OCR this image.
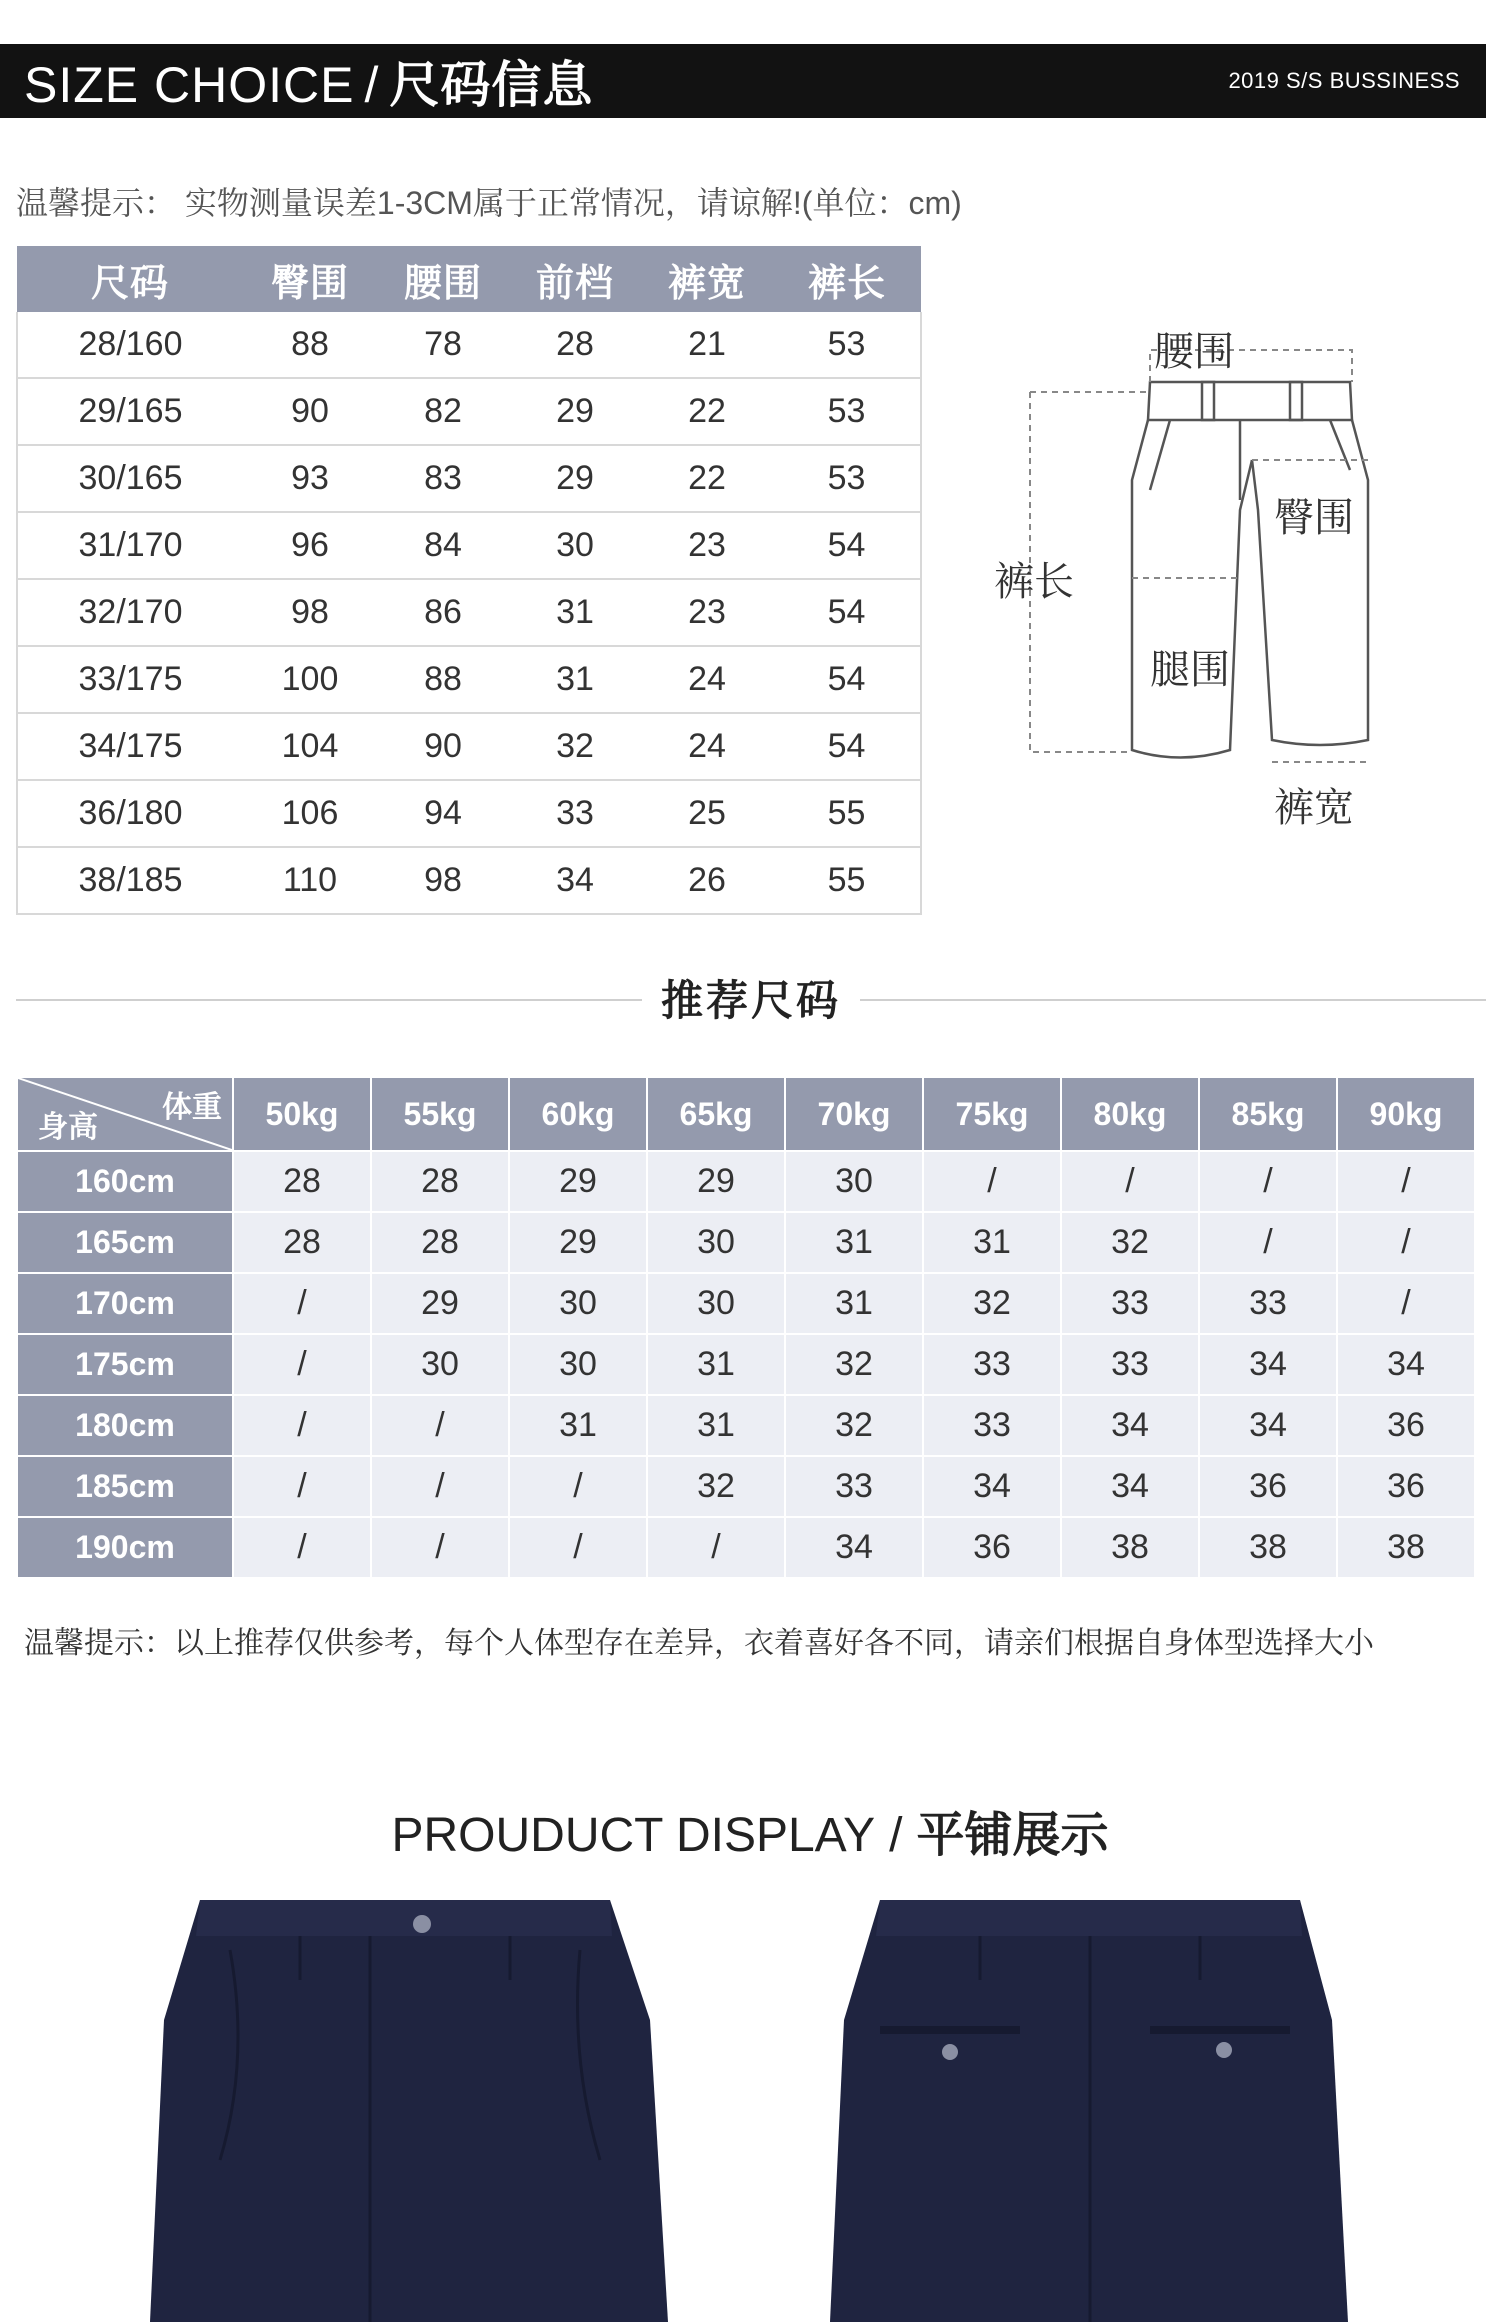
SIZE CHOICE / 尺码信息	2019 S/S BUSSINESS
温馨提示： 实物测量误差1-3CM属于正常情况，请谅解!(单位：cm)
尺码	臀围	腰围	前档	裤宽	裤长
28/160	88	78	28	21	53
29/165	90	82	29	22	53
30/165	93	83	29	22	53
31/170	96	84	30	23	54
32/170	98	86	31	23	54
33/175	100	88	31	24	54
34/175	104	90	32	24	54
36/180	106	94	33	25	55
38/185	110	98	34	26	55
腰围
臀围
裤长
腿围
裤宽
推荐尺码
体重
身高	50kg	55kg	60kg	65kg	70kg	75kg	80kg	85kg	90kg
160cm	28	28	29	29	30	/	/	/	/
165cm	28	28	29	30	31	31	32	/	/
170cm	/	29	30	30	31	32	33	33	/
175cm	/	30	30	31	32	33	33	34	34
180cm	/	/	31	31	32	33	34	34	36
185cm	/	/	/	32	33	34	34	36	36
190cm	/	/	/	/	34	36	38	38	38
温馨提示：以上推荐仅供参考，每个人体型存在差异，衣着喜好各不同，请亲们根据自身体型选择大小
PROUDUCT DISPLAY / 平铺展示
